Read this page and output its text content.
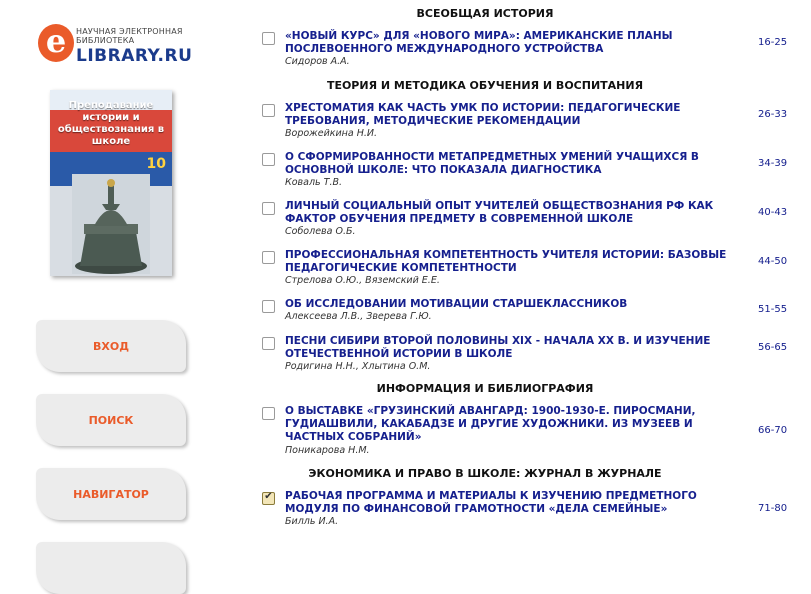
e	НАУЧНАЯ ЭЛЕКТРОННАЯ БИБЛИОТЕКА
LIBRARY.RU
Преподавание истории и обществознания в школе
10
ВХОД
ПОИСК
НАВИГАТОР
ВСЕОБЩАЯ ИСТОРИЯ
«НОВЫЙ КУРС» ДЛЯ «НОВОГО МИРА»: АМЕРИКАНСКИЕ ПЛАНЫ ПОСЛЕВОЕННОГО МЕЖДУНАРОДНОГО УСТРОЙСТВА
Сидоров А.А.
16-25
ТЕОРИЯ И МЕТОДИКА ОБУЧЕНИЯ И ВОСПИТАНИЯ
ХРЕСТОМАТИЯ КАК ЧАСТЬ УМК ПО ИСТОРИИ: ПЕДАГОГИЧЕСКИЕ ТРЕБОВАНИЯ, МЕТОДИЧЕСКИЕ РЕКОМЕНДАЦИИ
Ворожейкина Н.И.
26-33
О СФОРМИРОВАННОСТИ МЕТАПРЕДМЕТНЫХ УМЕНИЙ УЧАЩИХСЯ В ОСНОВНОЙ ШКОЛЕ: ЧТО ПОКАЗАЛА ДИАГНОСТИКА
Коваль Т.В.
34-39
ЛИЧНЫЙ СОЦИАЛЬНЫЙ ОПЫТ УЧИТЕЛЕЙ ОБЩЕСТВОЗНАНИЯ РФ КАК ФАКТОР ОБУЧЕНИЯ ПРЕДМЕТУ В СОВРЕМЕННОЙ ШКОЛЕ
Соболева О.Б.
40-43
ПРОФЕССИОНАЛЬНАЯ КОМПЕТЕНТНОСТЬ УЧИТЕЛЯ ИСТОРИИ: БАЗОВЫЕ ПЕДАГОГИЧЕСКИЕ КОМПЕТЕНТНОСТИ
Стрелова О.Ю., Вяземский Е.Е.
44-50
ОБ ИССЛЕДОВАНИИ МОТИВАЦИИ СТАРШЕКЛАССНИКОВ
Алексеева Л.В., Зверева Г.Ю.
51-55
ПЕСНИ СИБИРИ ВТОРОЙ ПОЛОВИНЫ XIX - НАЧАЛА XX В. И ИЗУЧЕНИЕ ОТЕЧЕСТВЕННОЙ ИСТОРИИ В ШКОЛЕ
Родигина Н.Н., Хлытина О.М.
56-65
ИНФОРМАЦИЯ И БИБЛИОГРАФИЯ
О ВЫСТАВКЕ «ГРУЗИНСКИЙ АВАНГАРД: 1900-1930-Е. ПИРОСМАНИ, ГУДИАШВИЛИ, КАКАБАДЗЕ И ДРУГИЕ ХУДОЖНИКИ. ИЗ МУЗЕЕВ И ЧАСТНЫХ СОБРАНИЙ»
Поникарова Н.М.
66-70
ЭКОНОМИКА И ПРАВО В ШКОЛЕ: ЖУРНАЛ В ЖУРНАЛЕ
✔ РАБОЧАЯ ПРОГРАММА И МАТЕРИАЛЫ К ИЗУЧЕНИЮ ПРЕДМЕТНОГО МОДУЛЯ ПО ФИНАНСОВОЙ ГРАМОТНОСТИ «ДЕЛА СЕМЕЙНЫЕ»
Билль И.А.
71-80
